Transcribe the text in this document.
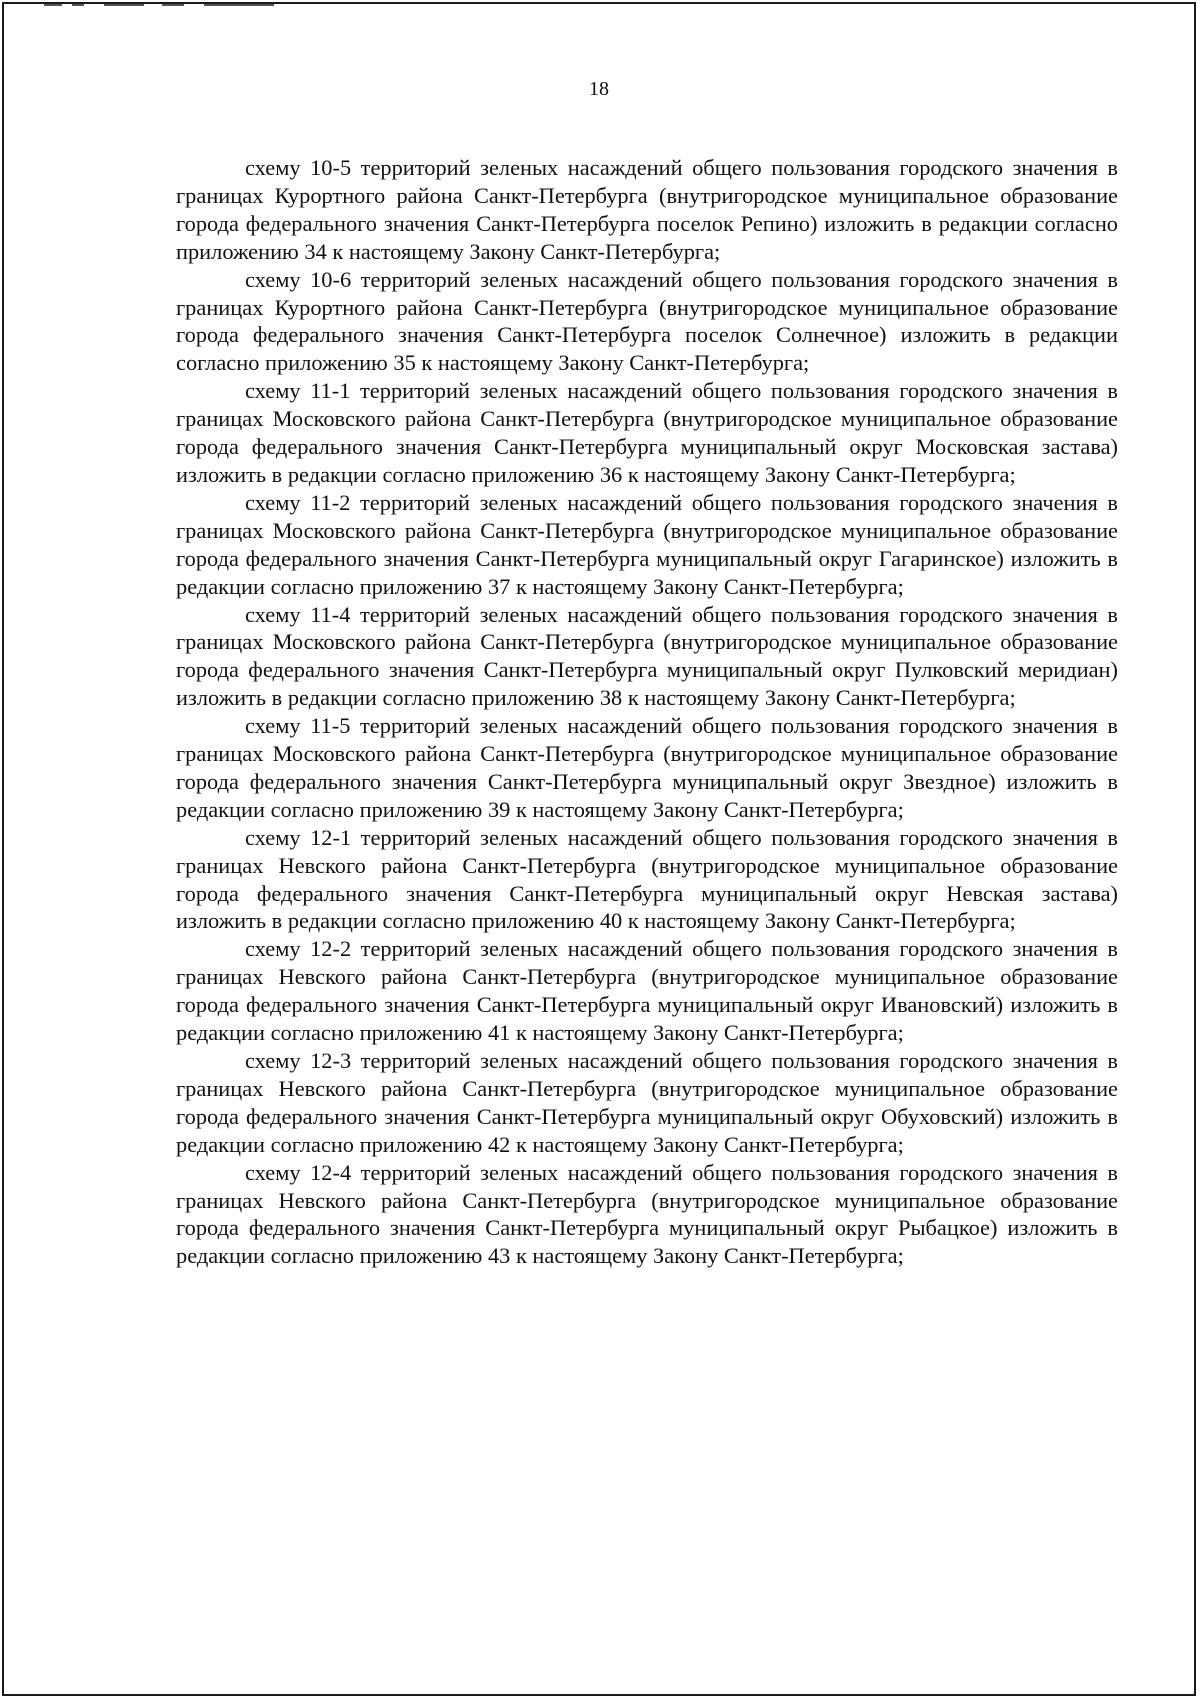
18

схему 10-5 территорий зеленых насаждений общего пользования городского значения в границах Курортного района Санкт-Петербурга (внутригородское муниципальное образование города федерального значения Санкт-Петербурга поселок Репино) изложить в редакции согласно приложению 34 к настоящему Закону Санкт-Петербурга;

схему 10-6 территорий зеленых насаждений общего пользования городского значения в границах Курортного района Санкт-Петербурга (внутригородское муниципальное образование города федерального значения Санкт-Петербурга поселок Солнечное) изложить в редакции согласно приложению 35 к настоящему Закону Санкт-Петербурга;

схему 11-1 территорий зеленых насаждений общего пользования городского значения в границах Московского района Санкт-Петербурга (внутригородское муниципальное образование города федерального значения Санкт-Петербурга муниципальный округ Московская застава) изложить в редакции согласно приложению 36 к настоящему Закону Санкт-Петербурга;

схему 11-2 территорий зеленых насаждений общего пользования городского значения в границах Московского района Санкт-Петербурга (внутригородское муниципальное образование города федерального значения Санкт-Петербурга муниципальный округ Гагаринское) изложить в редакции согласно приложению 37 к настоящему Закону Санкт-Петербурга;

схему 11-4 территорий зеленых насаждений общего пользования городского значения в границах Московского района Санкт-Петербурга (внутригородское муниципальное образование города федерального значения Санкт-Петербурга муниципальный округ Пулковский меридиан) изложить в редакции согласно приложению 38 к настоящему Закону Санкт-Петербурга;

схему 11-5 территорий зеленых насаждений общего пользования городского значения в границах Московского района Санкт-Петербурга (внутригородское муниципальное образование города федерального значения Санкт-Петербурга муниципальный округ Звездное) изложить в редакции согласно приложению 39 к настоящему Закону Санкт-Петербурга;

схему 12-1 территорий зеленых насаждений общего пользования городского значения в границах Невского района Санкт-Петербурга (внутригородское муниципальное образование города федерального значения Санкт-Петербурга муниципальный округ Невская застава) изложить в редакции согласно приложению 40 к настоящему Закону Санкт-Петербурга;

схему 12-2 территорий зеленых насаждений общего пользования городского значения в границах Невского района Санкт-Петербурга (внутригородское муниципальное образование города федерального значения Санкт-Петербурга муниципальный округ Ивановский) изложить в редакции согласно приложению 41 к настоящему Закону Санкт-Петербурга;

схему 12-3 территорий зеленых насаждений общего пользования городского значения в границах Невского района Санкт-Петербурга (внутригородское муниципальное образование города федерального значения Санкт-Петербурга муниципальный округ Обуховский) изложить в редакции согласно приложению 42 к настоящему Закону Санкт-Петербурга;

схему 12-4 территорий зеленых насаждений общего пользования городского значения в границах Невского района Санкт-Петербурга (внутригородское муниципальное образование города федерального значения Санкт-Петербурга муниципальный округ Рыбацкое) изложить в редакции согласно приложению 43 к настоящему Закону Санкт-Петербурга;
